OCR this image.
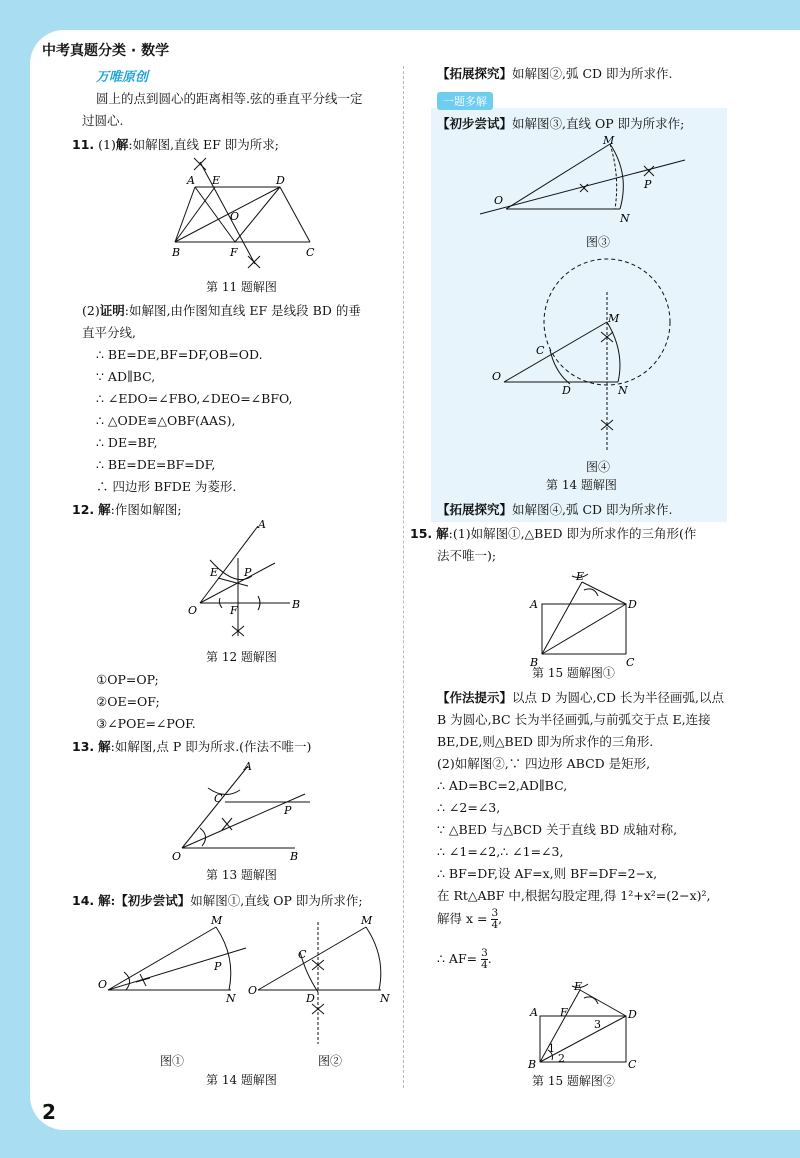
中考真题分类 · 数学
万唯原创
一题多解
圆上的点到圆心的距离相等.弦的垂直平分线一定
过圆心.
11. (1)解:如解图,直线 EF 即为所求;
A E	D
O
B	F	C
第 11 题解图
(2)证明:如解图,由作图知直线 EF 是线段 BD 的垂
直平分线,
∴ BE=DE,BF=DF,OB=OD.
∵ AD∥BC,
∴ ∠EDO=∠FBO,∠DEO=∠BFO,
∴ △ODE≌△OBF(AAS),
∴ DE=BF,
∴ BE=DE=BF=DF,
∴ 四边形 BFDE 为菱形.
12. 解:作图如解图;
A
E P
O	F	B
第 12 题解图
①OP=OP;
②OE=OF;
③∠POE=∠POF.
13. 解:如解图,点 P 即为所求.(作法不唯一)
A
C
P
O	B
第 13 题解图
14. 解:【初步尝试】如解图①,直线 OP 即为所求作;
M
O
P
N
M
C
O
D	N
图①	图②
第 14 题解图
2
【拓展探究】如解图②,弧 CD 即为所求作.
【初步尝试】如解图③,直线 OP 即为所求作;
M
O
P
N
图③
M
C
O
D	N
图④
第 14 题解图
【拓展探究】如解图④,弧 CD 即为所求作.
15. 解:(1)如解图①,△BED 即为所求作的三角形(作
法不唯一);
E
A	D
B	C
第 15 题解图①
【作法提示】以点 D 为圆心,CD 长为半径画弧,以点
B 为圆心,BC 长为半径画弧,与前弧交于点 E,连接
BE,DE,则△BED 即为所求作的三角形.
(2)如解图②,∵ 四边形 ABCD 是矩形,
∴ AD=BC=2,AD∥BC,
∴ ∠2=∠3,
∵ △BED 与△BCD 关于直线 BD 成轴对称,
∴ ∠1=∠2,∴ ∠1=∠3,
∴ BF=DF,设 AF=x,则 BF=DF=2−x,
在 Rt△ABF 中,根据勾股定理,得 1²+x²=(2−x)²,
解得 $x = \frac{3}{4}$ ,
∴ $AF= \frac{3}{4}$ .
E
A F	D
3
1
2
B	C
第 15 题解图②
